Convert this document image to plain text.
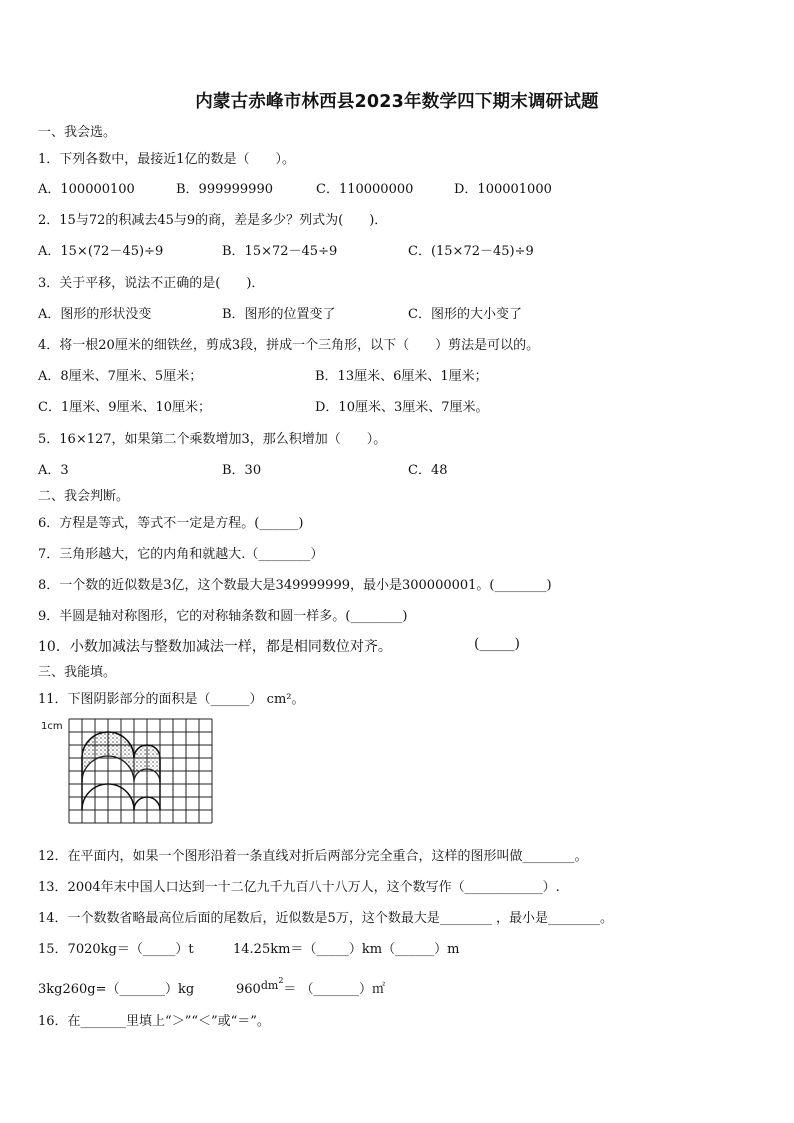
内蒙古赤峰市林西县2023年数学四下期末调研试题
一、我会选。
1．下列各数中，最接近1亿的数是（　　）。
A．100000100	B．999999990	C．110000000	D．100001000
2．15与72的积减去45与9的商，差是多少？列式为(　　)．
A．15×(72－45)÷9	B．15×72－45÷9	C．(15×72－45)÷9
3．关于平移，说法不正确的是(　　)．
A．图形的形状没变	B．图形的位置变了	C．图形的大小变了
4．将一根20厘米的细铁丝，剪成3段，拼成一个三角形，以下（　　）剪法是可以的。
A．8厘米、7厘米、5厘米；	B．13厘米、6厘米、1厘米；
C．1厘米、9厘米、10厘米；	D．10厘米、3厘米、7厘米。
5．16×127，如果第二个乘数增加3，那么积增加（　　）。
A．3	B．30	C．48
二、我会判断。
6．方程是等式，等式不一定是方程。(______)
7．三角形越大，它的内角和就越大.（________）
8．一个数的近似数是3亿，这个数最大是349999999，最小是300000001。(________)
9．半圆是轴对称图形，它的对称轴条数和圆一样多。(________)
10．小数加减法与整数加减法一样，都是相同数位对齐。	(_____)
三、我能填。
11．下图阴影部分的面积是（______） cm²。
1cm
12．在平面内，如果一个图形沿着一条直线对折后两部分完全重合，这样的图形叫做________。
13．2004年末中国人口达到一十二亿九千九百八十八万人，这个数写作（____________）.
14．一个数数省略最高位后面的尾数后，近似数是5万，这个数最大是________ ，最小是________。
15．7020kg＝（_____）t	14.25km＝（_____）km（______）m
3kg260g=（_______）kg	$960^{dm2}=$ （_______）㎡
16．在_______里填上“＞”“＜”或“＝”。
